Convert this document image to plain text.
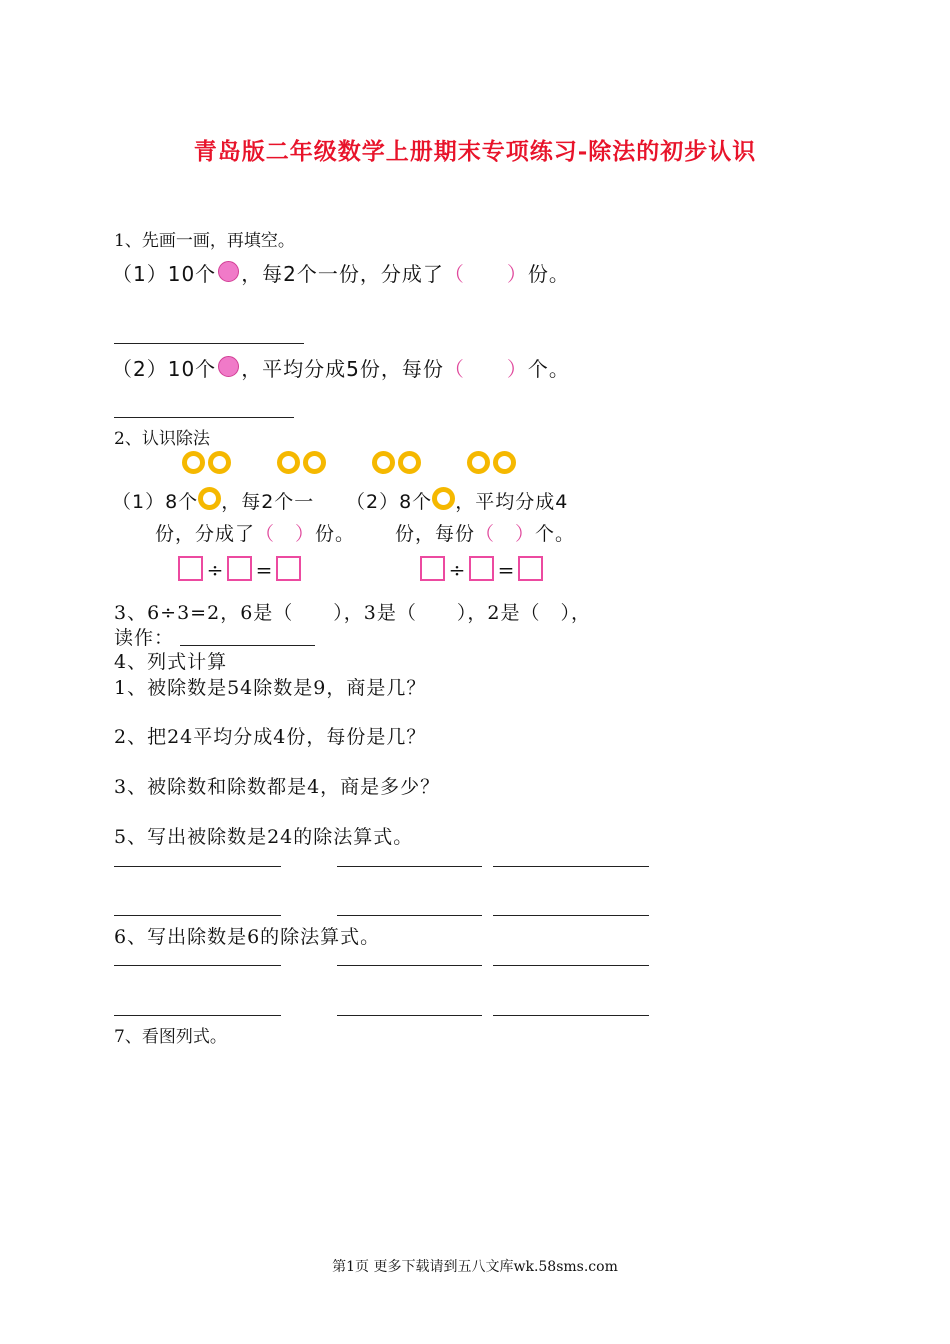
青岛版二年级数学上册期末专项练习-除法的初步认识
1、先画一画，再填空。
（1）10个 ，每2个一份，分成了（　　）份。
（2）10个 ，平均分成5份，每份（　　）个。
2、认识除法
（1）8个 ，每2个一 （2）8个 ，平均分成4
份，分成了（　）份。 份，每份（　）个。
÷ =	÷ =
3、6÷3=2，6是（　　），3是（　　），2是（　），
读作：
4、列式计算
1、被除数是54除数是9，商是几？
2、把24平均分成4份，每份是几？
3、被除数和除数都是4，商是多少？
5、写出被除数是24的除法算式。
6、写出除数是6的除法算式。
7、看图列式。
第1页 更多下载请到五八文库wk.58sms.com
